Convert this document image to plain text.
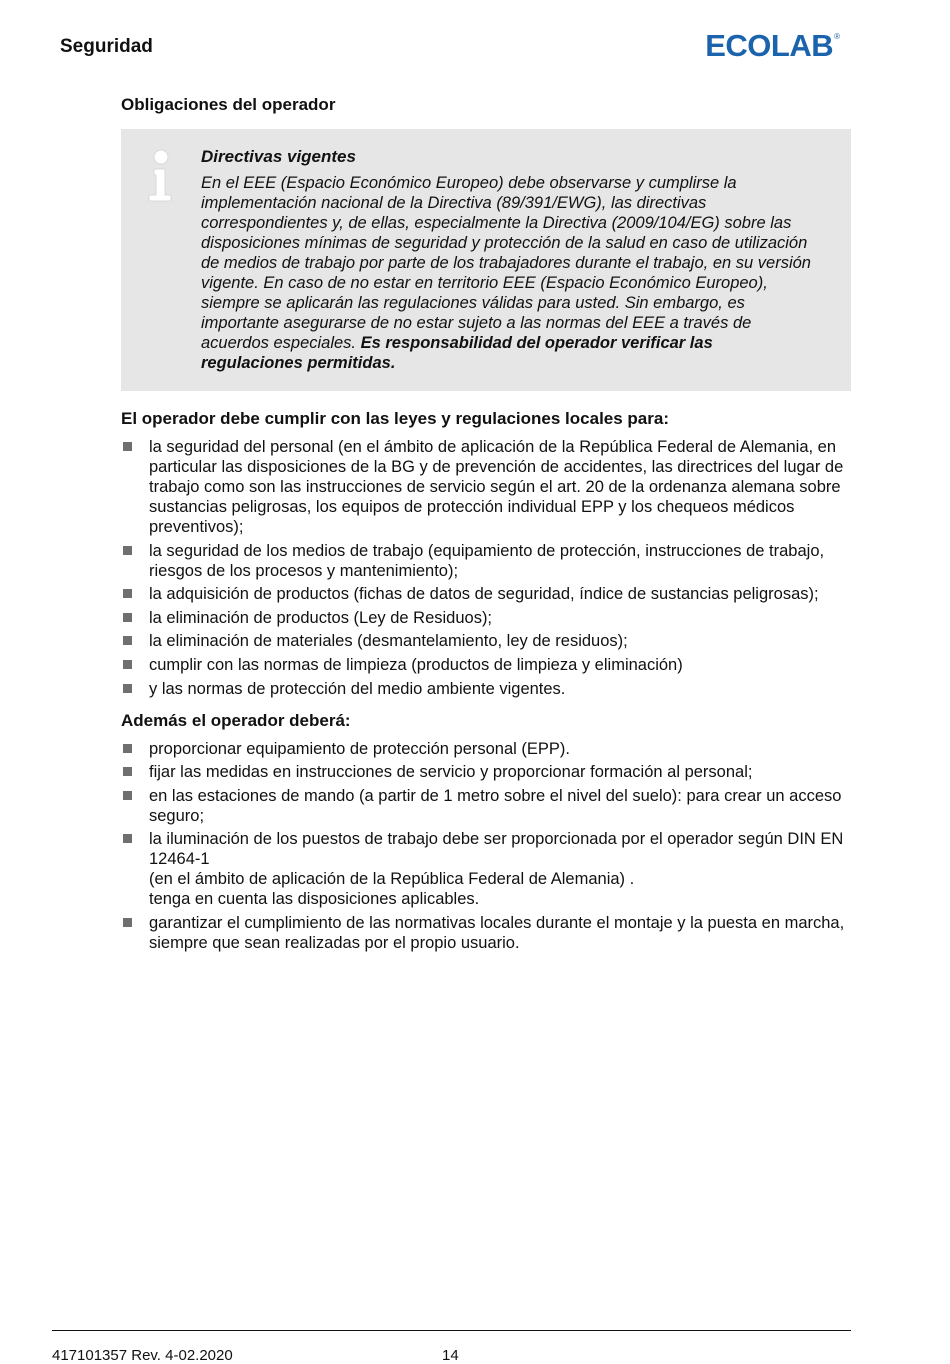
Seguridad	ECOLAB ®

Obligaciones del operador

Directivas vigentes

En el EEE (Espacio Económico Europeo) debe observarse y cumplirse la implementación nacional de la Directiva (89/391/EWG), las directivas correspondientes y, de ellas, especialmente la Directiva (2009/104/EG) sobre las disposiciones mínimas de seguridad y protección de la salud en caso de utilización de medios de trabajo por parte de los trabajadores durante el trabajo, en su versión vigente. En caso de no estar en territorio EEE (Espacio Económico Europeo), siempre se aplicarán las regulaciones válidas para usted. Sin embargo, es importante asegurarse de no estar sujeto a las normas del EEE a través de acuerdos especiales. Es responsabilidad del operador verificar las regulaciones permitidas.

El operador debe cumplir con las leyes y regulaciones locales para:

la seguridad del personal (en el ámbito de aplicación de la República Federal de Alemania, en particular las disposiciones de la BG y de prevención de accidentes, las directrices del lugar de trabajo como son las instrucciones de servicio según el art. 20 de la ordenanza alemana sobre sustancias peligrosas, los equipos de protección individual EPP y los chequeos médicos preventivos);
la seguridad de los medios de trabajo (equipamiento de protección, instrucciones de trabajo, riesgos de los procesos y mantenimiento);
la adquisición de productos (fichas de datos de seguridad, índice de sustancias peligrosas);
la eliminación de productos (Ley de Residuos);
la eliminación de materiales (desmantelamiento, ley de residuos);
cumplir con las normas de limpieza (productos de limpieza y eliminación)
y las normas de protección del medio ambiente vigentes.

Además el operador deberá:

proporcionar equipamiento de protección personal (EPP).
fijar las medidas en instrucciones de servicio y proporcionar formación al personal;
en las estaciones de mando (a partir de 1 metro sobre el nivel del suelo): para crear un acceso seguro;
la iluminación de los puestos de trabajo debe ser proporcionada por el operador según DIN EN 12464-1
(en el ámbito de aplicación de la República Federal de Alemania) .
tenga en cuenta las disposiciones aplicables.
garantizar el cumplimiento de las normativas locales durante el montaje y la puesta en marcha, siempre que sean realizadas por el propio usuario.
417101357 Rev. 4-02.2020	14
